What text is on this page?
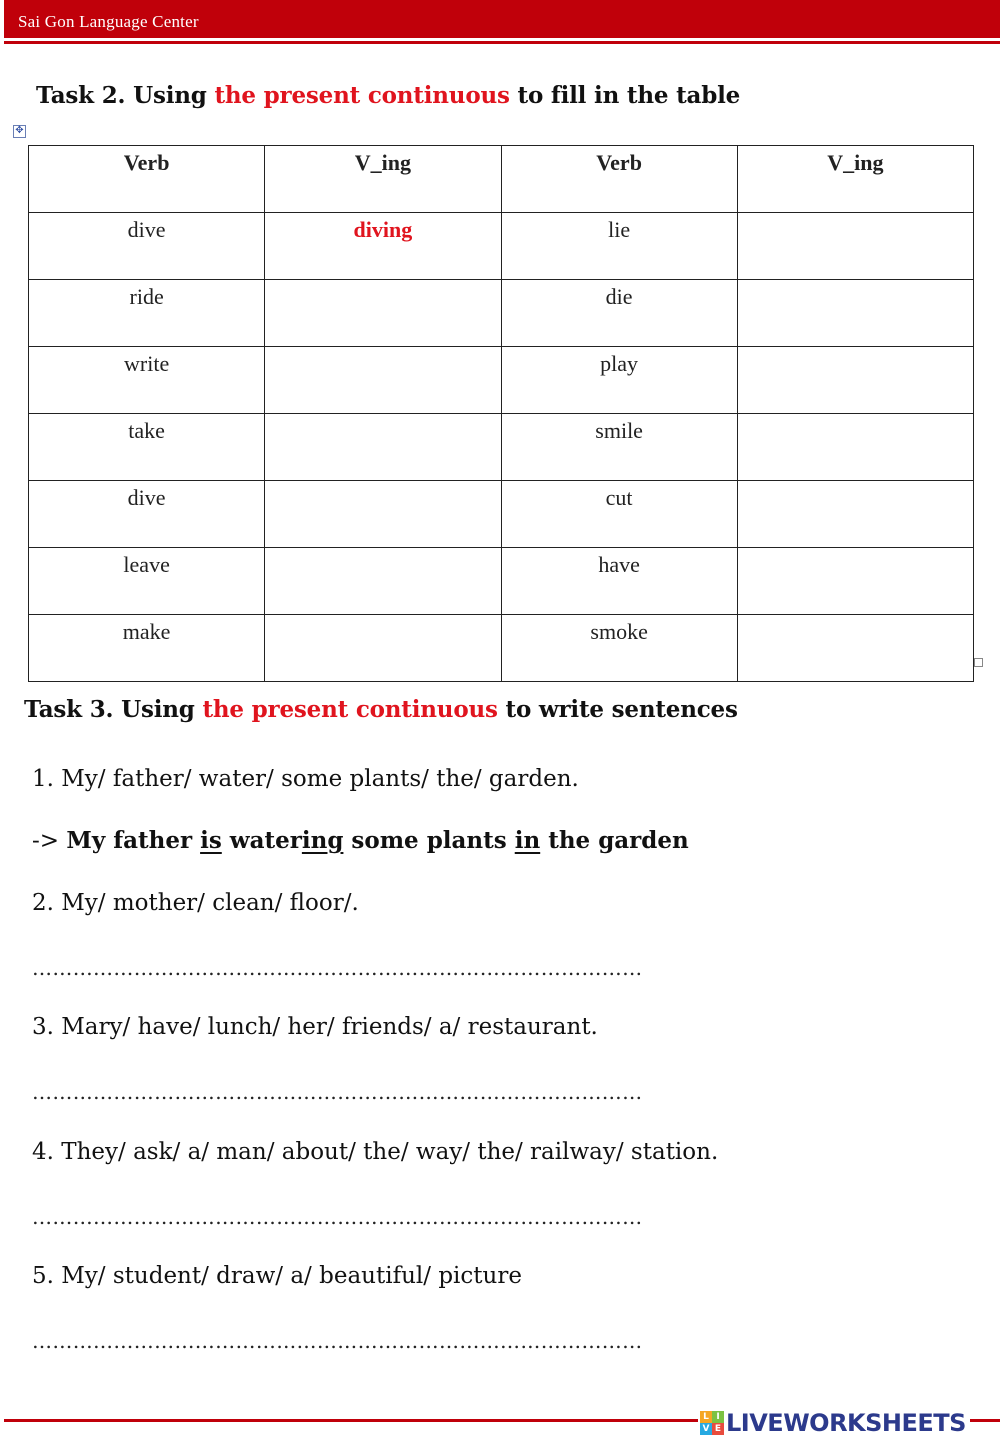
Sai Gon Language Center
Task 2. Using the present continuous to fill in the table
✥
Verb	V_ing	Verb	V_ing
dive	diving	lie	
ride		die	
write		play	
take		smile	
dive		cut	
leave		have	
make		smoke	
Task 3. Using the present continuous to write sentences
1. My/ father/ water/ some plants/ the/ garden.
-> My father is watering some plants in the garden
2. My/ mother/ clean/ floor/.
………………………………………………………………………………
3. Mary/ have/ lunch/ her/ friends/ a/ restaurant.
………………………………………………………………………………
4. They/ ask/ a/ man/ about/ the/ way/ the/ railway/ station.
………………………………………………………………………………
5. My/ student/ draw/ a/ beautiful/ picture
………………………………………………………………………………
L I
V E LIVEWORKSHEETS
